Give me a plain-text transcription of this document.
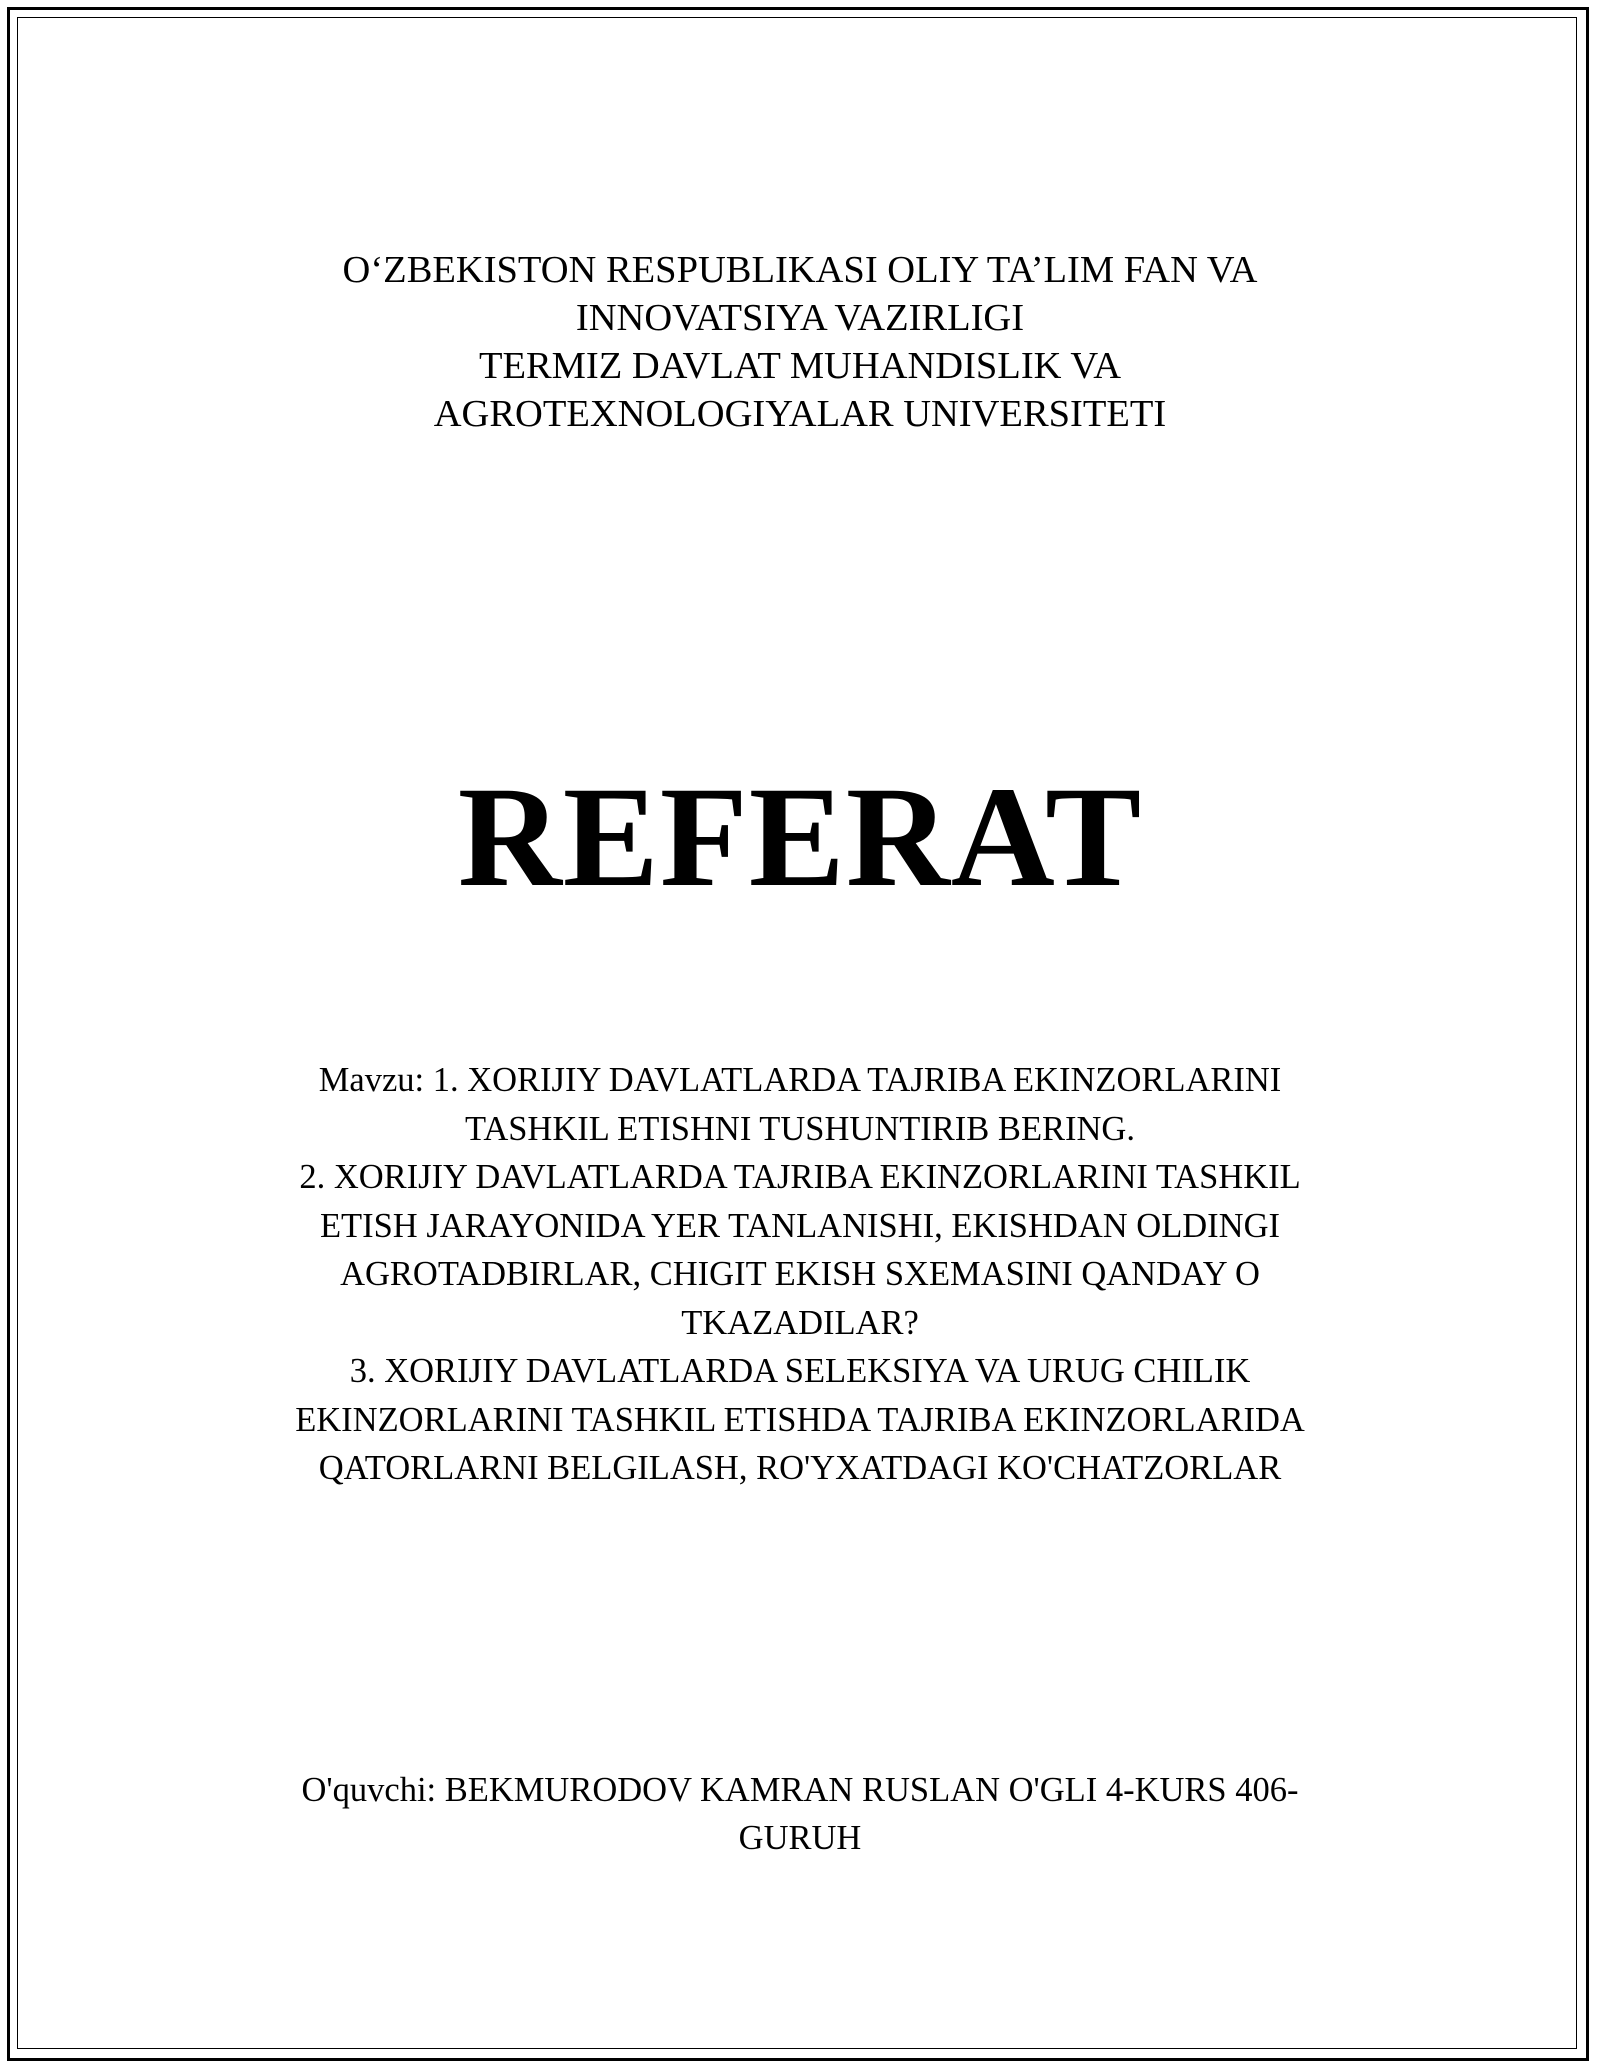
O‘ZBEKISTON RESPUBLIKASI OLIY TA’LIM FAN VA
INNOVATSIYA VAZIRLIGI
TERMIZ DAVLAT MUHANDISLIK VA
AGROTEXNOLOGIYALAR UNIVERSITETI
REFERAT
Mavzu: 1. XORIJIY DAVLATLARDA TAJRIBA EKINZORLARINI
TASHKIL ETISHNI TUSHUNTIRIB BERING.
2. XORIJIY DAVLATLARDA TAJRIBA EKINZORLARINI TASHKIL
ETISH JARAYONIDA YER TANLANISHI, EKISHDAN OLDINGI
AGROTADBIRLAR, CHIGIT EKISH SXEMASINI QANDAY O
TKAZADILAR?
3. XORIJIY DAVLATLARDA SELEKSIYA VA URUG CHILIK
EKINZORLARINI TASHKIL ETISHDA TAJRIBA EKINZORLARIDA
QATORLARNI BELGILASH, RO'YXATDAGI KO'CHATZORLAR
O'quvchi: BEKMURODOV KAMRAN RUSLAN O'GLI 4-KURS 406-
GURUH
